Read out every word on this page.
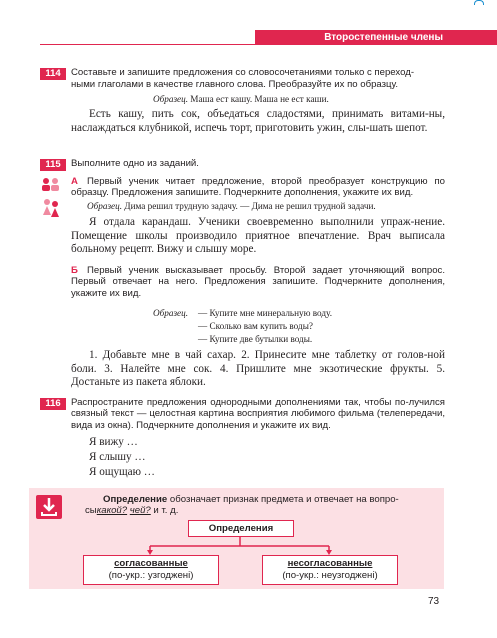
Второстепенные члены предложения
114	Составьте и запишите предложения со словосочетаниями только с переход-
ными глаголами в качестве главного слова. Преобразуйте их по образцу.
Образец. Маша ест кашу. Маша не ест каши.
Есть кашу, пить сок, объедаться сладостями, принимать витами-ны, наслаждаться клубникой, испечь торт, приготовить ужин, слы-шать шепот.
115	Выполните одно из заданий.
А Первый ученик читает предложение, второй преобразует конструкцию по образцу. Предложения запишите. Подчеркните дополнения, укажите их вид.
Образец. Дима решил трудную задачу. — Дима не решил трудной задачи.
Я отдала карандаш. Ученики своевременно выполнили упраж-нение. Помещение школы производило приятное впечатление. Врач выписала больному рецепт. Вижу и слышу море.
Б Первый ученик высказывает просьбу. Второй задает уточняющий вопрос. Первый отвечает на него. Предложения запишите. Подчеркните дополнения, укажите их вид.
Образец. — Купите мне минеральную воду.
— Сколько вам купить воды?
— Купите две бутылки воды.
1. Добавьте мне в чай сахар. 2. Принесите мне таблетку от голов-ной боли. 3. Налейте мне сок. 4. Пришлите мне экзотические фрукты. 5. Достаньте из пакета яблоки.
116	Распространите предложения однородными дополнениями так, чтобы по-лучился связный текст — целостная картина восприятия любимого фильма (телепередачи, вида из окна). Подчеркните дополнения и укажите их вид.
Я вижу …
Я слышу …
Я ощущаю …
Определение обозначает признак предмета и отвечает на вопро-
сыкакой? чей? и т. д.
Определения
согласованные
(по-укр.: узгоджені)
несогласованные
(по-укр.: неузгоджені)
73
